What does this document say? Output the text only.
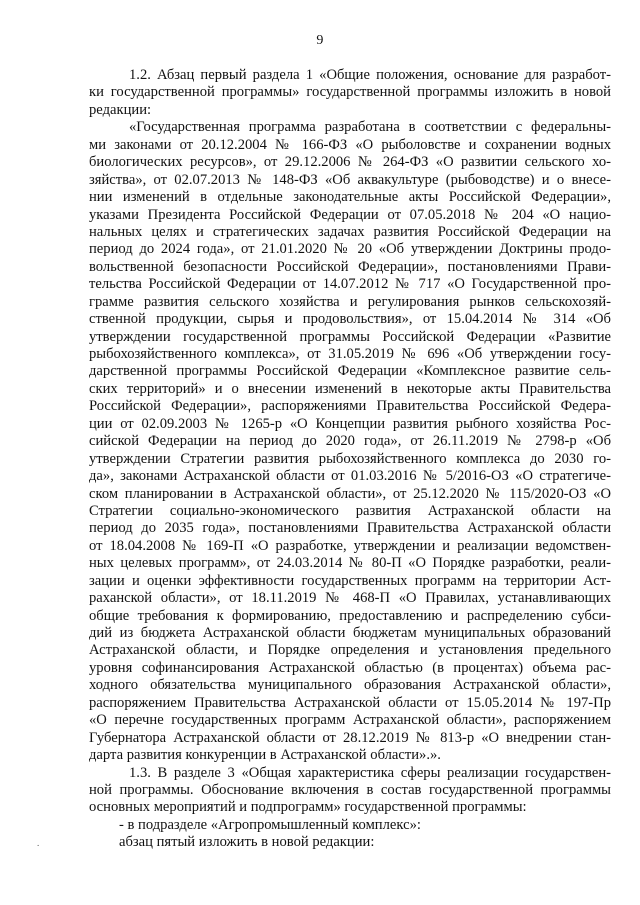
9
1.2. Абзац первый раздела 1 «Общие положения, основание для разработ-
ки государственной программы» государственной программы изложить в новой
редакции:
«Государственная программа разработана в соответствии с федеральны-
ми законами от 20.12.2004 № 166-ФЗ «О рыболовстве и сохранении водных
биологических ресурсов», от 29.12.2006 № 264-ФЗ «О развитии сельского хо-
зяйства», от 02.07.2013 № 148-ФЗ «Об аквакультуре (рыбоводстве) и о внесе-
нии изменений в отдельные законодательные акты Российской Федерации»,
указами Президента Российской Федерации от 07.05.2018 № 204 «О нацио-
нальных целях и стратегических задачах развития Российской Федерации на
период до 2024 года», от 21.01.2020 № 20 «Об утверждении Доктрины продо-
вольственной безопасности Российской Федерации», постановлениями Прави-
тельства Российской Федерации от 14.07.2012 № 717 «О Государственной про-
грамме развития сельского хозяйства и регулирования рынков сельскохозяй-
ственной продукции, сырья и продовольствия», от 15.04.2014 № 314 «Об
утверждении государственной программы Российской Федерации «Развитие
рыбохозяйственного комплекса», от 31.05.2019 № 696 «Об утверждении госу-
дарственной программы Российской Федерации «Комплексное развитие сель-
ских территорий» и о внесении изменений в некоторые акты Правительства
Российской Федерации», распоряжениями Правительства Российской Федера-
ции от 02.09.2003 № 1265-р «О Концепции развития рыбного хозяйства Рос-
сийской Федерации на период до 2020 года», от 26.11.2019 № 2798-р «Об
утверждении Стратегии развития рыбохозяйственного комплекса до 2030 го-
да», законами Астраханской области от 01.03.2016 № 5/2016-ОЗ «О стратегиче-
ском планировании в Астраханской области», от 25.12.2020 № 115/2020-ОЗ «О
Стратегии социально-экономического развития Астраханской области на
период до 2035 года», постановлениями Правительства Астраханской области
от 18.04.2008 № 169-П «О разработке, утверждении и реализации ведомствен-
ных целевых программ», от 24.03.2014 № 80-П «О Порядке разработки, реали-
зации и оценки эффективности государственных программ на территории Аст-
раханской области», от 18.11.2019 № 468-П «О Правилах, устанавливающих
общие требования к формированию, предоставлению и распределению субси-
дий из бюджета Астраханской области бюджетам муниципальных образований
Астраханской области, и Порядке определения и установления предельного
уровня софинансирования Астраханской областью (в процентах) объема рас-
ходного обязательства муниципального образования Астраханской области»,
распоряжением Правительства Астраханской области от 15.05.2014 № 197-Пр
«О перечне государственных программ Астраханской области», распоряжением
Губернатора Астраханской области от 28.12.2019 № 813-р «О внедрении стан-
дарта развития конкуренции в Астраханской области».».
1.3. В разделе 3 «Общая характеристика сферы реализации государствен-
ной программы. Обоснование включения в состав государственной программы
основных мероприятий и подпрограмм» государственной программы:
- в подразделе «Агропромышленный комплекс»:
абзац пятый изложить в новой редакции:
.
